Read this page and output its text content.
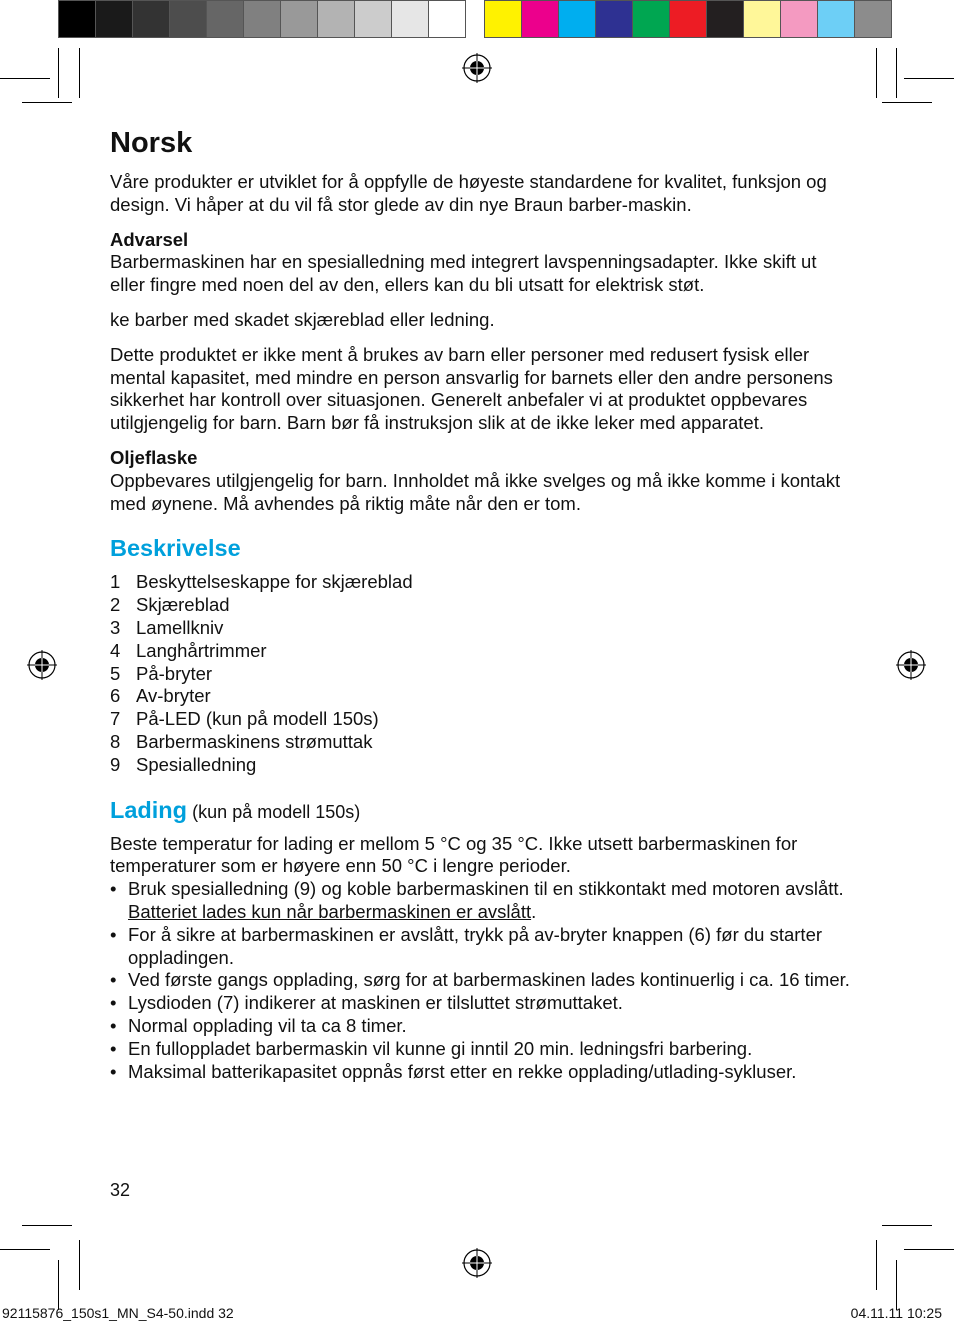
Norsk

Våre produkter er utviklet for å oppfylle de høyeste standardene for kvalitet, funksjon og design. Vi håper at du vil få stor glede av din nye Braun barber-maskin.

Advarsel
Barbermaskinen har en spesialledning med integrert lavspenningsadapter. Ikke skift ut eller fingre med noen del av den, ellers kan du bli utsatt for elektrisk støt.

ke barber med skadet skjæreblad eller ledning.

Dette produktet er ikke ment å brukes av barn eller personer med redusert fysisk eller mental kapasitet, med mindre en person ansvarlig for barnets eller den andre personens sikkerhet har kontroll over situasjonen. Generelt anbefaler vi at produktet oppbevares utilgjengelig for barn. Barn bør få instruksjon slik at de ikke leker med apparatet.

Oljeflaske
Oppbevares utilgjengelig for barn. Innholdet må ikke svelges og må ikke komme i kontakt med øynene. Må avhendes på riktig måte når den er tom.

Beskrivelse
1 Beskyttelseskappe for skjæreblad
2 Skjæreblad
3 Lamellkniv
4 Langhårtrimmer
5 På-bryter
6 Av-bryter
7 På-LED (kun på modell 150s)
8 Barbermaskinens strømuttak
9 Spesialledning
Lading (kun på modell 150s)

Beste temperatur for lading er mellom 5 °C og 35 °C. Ikke utsett barbermaskinen for temperaturer som er høyere enn 50 °C i lengre perioder.

• Bruk spesialledning (9) og koble barbermaskinen til en stikkontakt med motoren avslått. Batteriet lades kun når barbermaskinen er avslått.
• For å sikre at barbermaskinen er avslått, trykk på av-bryter knappen (6) før du starter oppladingen.
• Ved første gangs opplading, sørg for at barbermaskinen lades kontinuerlig i ca. 16 timer.
• Lysdioden (7) indikerer at maskinen er tilsluttet strømuttaket.
• Normal opplading vil ta ca 8 timer.
• En fulloppladet barbermaskin vil kunne gi inntil 20 min. ledningsfri barbering.
• Maksimal batterikapasitet oppnås først etter en rekke opplading/utlading-sykluser.
32
92115876_150s1_MN_S4-50.indd 32	04.11.11 10:25
